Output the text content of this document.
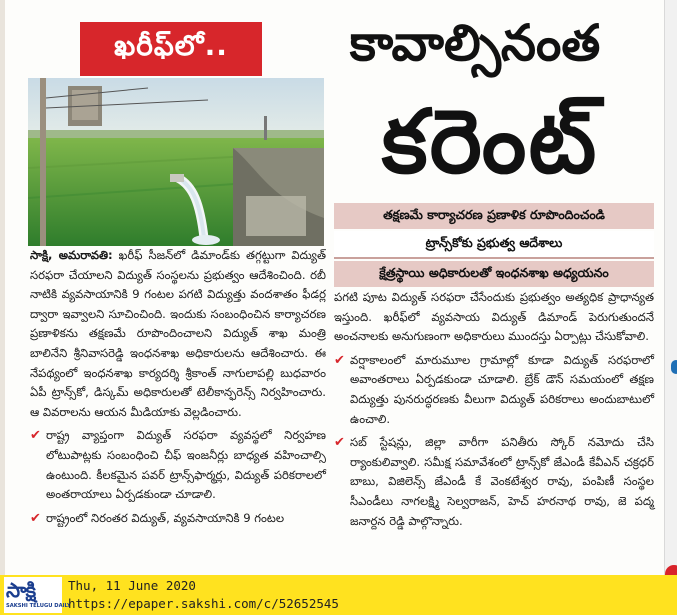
ఖరీఫ్‌లో..	కావాల్సినంత
కరెంట్‌
తక్షణమే కార్యాచరణ ప్రణాళిక రూపొందించండి
ట్రాన్స్‌కోకు ప్రభుత్వ ఆదేశాలు
క్షేత్రస్థాయి అధికారులతో ఇంధనశాఖ అధ్యయనం

సాక్షి, అమరావతి: ఖరీఫ్‌ సీజన్‌లో డిమాండ్‌కు తగ్గట్టుగా విద్యుత్‌ సరఫరా చేయాలని విద్యుత్‌ సంస్థలను ప్రభుత్వం ఆదేశించింది. రబీ నాటికి వ్యవసాయానికి 9 గంటల పగటి విద్యుత్తు వందశాతం ఫీడర్ల ద్వారా ఇవ్వాలని సూచించింది. ఇందుకు సంబంధించిన కార్యాచరణ ప్రణాళికను తక్షణమే రూపొందించాలని విద్యుత్‌ శాఖ మంత్రి బాలినేని శ్రీనివాసరెడ్డి ఇంధనశాఖ అధికారులను ఆదేశించారు. ఈ నేపథ్యంలో ఇంధనశాఖ కార్యదర్శి శ్రీకాంత్‌ నాగులాపల్లి బుధవారం ఏపీ ట్రాన్స్‌కో, డిస్కమ్‌ అధికారులతో టెలీకాన్ఫరెన్స్‌ నిర్వహించారు. ఆ వివరాలను ఆయన మీడియాకు వెల్లడించారు.

✔ రాష్ట్ర వ్యాప్తంగా విద్యుత్‌ సరఫరా వ్యవస్థలో నిర్వహణ లోటుపాట్లకు సంబంధించి చీఫ్‌ ఇంజనీర్లు బాధ్యత వహించాల్సి ఉంటుంది. కీలకమైన పవర్‌ ట్రాన్స్‌ఫార్మర్లు, విద్యుత్‌ పరికరాలలో అంతరాయాలు ఏర్పడకుండా చూడాలి.

✔ రాష్ట్రంలో నిరంతర విద్యుత్‌, వ్యవసాయానికి 9 గంటల

పగటి పూట విద్యుత్‌ సరఫరా చేసేందుకు ప్రభుత్వం అత్యధిక ప్రాధాన్యత ఇస్తుంది. ఖరీఫ్‌లో వ్యవసాయ విద్యుత్‌ డిమాండ్‌ పెరుగుతుందనే అంచనాలకు అనుగుణంగా అధికారులు ముందస్తు ఏర్పాట్లు చేసుకోవాలి.

✔ వర్షాకాలంలో మారుమూల గ్రామాల్లో కూడా విద్యుత్‌ సరఫరాలో అవాంతరాలు ఏర్పడకుండా చూడాలి. బ్రేక్‌ డౌన్‌ సమయంలో తక్షణ విద్యుత్తు పునరుద్ధరణకు వీలుగా విద్యుత్‌ పరికరాలు అందుబాటులో ఉంచాలి.

✔ సబ్‌ స్టేషన్లు, జిల్లా వారీగా పనితీరు స్కోర్‌ నమోదు చేసి ర్యాంకులివ్వాలి. సమీక్ష సమావేశంలో ట్రాన్స్‌కో జేఎండీ కేవీఎన్‌ చక్రధర్‌ బాబు, విజిలెన్స్‌ జేఎండీ కే వెంకటేశ్వర రావు, పంపిణీ సంస్థల సీఎండీలు నాగలక్ష్మి సెల్వరాజన్, హెచ్‌ హరనాథ రావు, జె పద్మ జనార్దన రెడ్డి పాల్గొన్నారు.

సాక్షి
SAKSHI TELUGU DAILY
Thu, 11 June 2020
https://epaper.sakshi.com/c/52652545
